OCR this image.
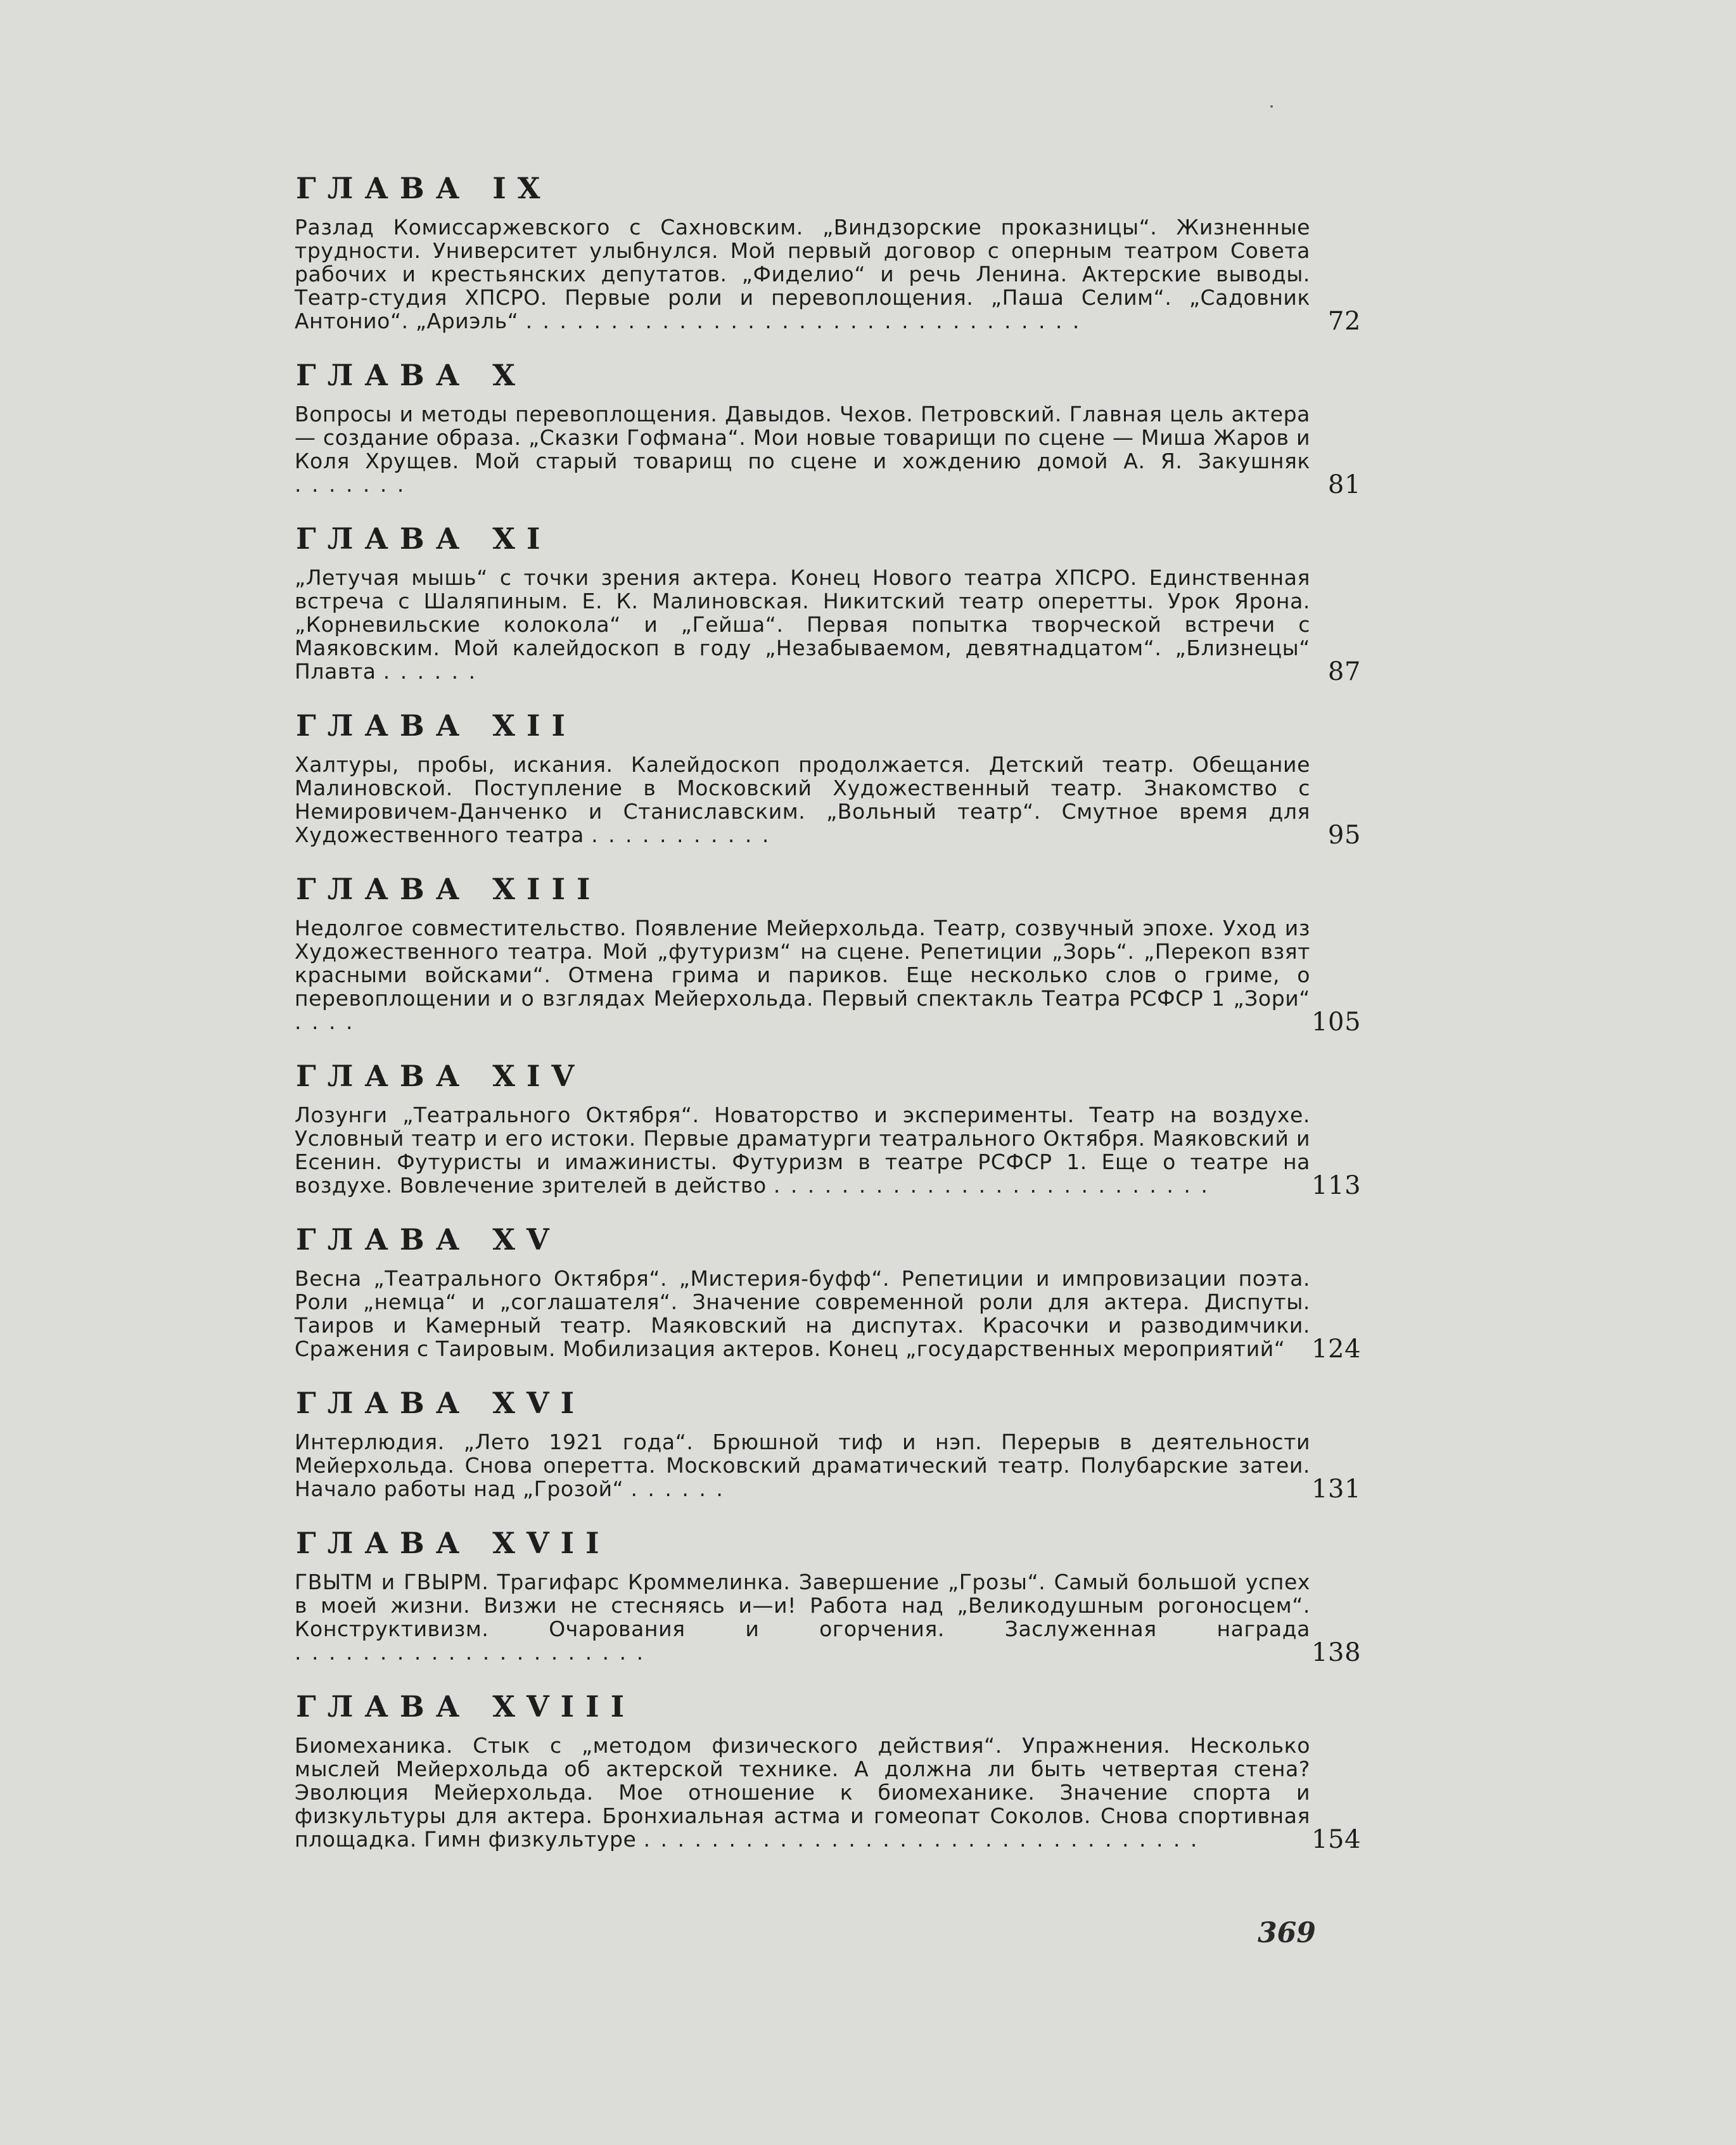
ГЛАВА IX
Разлад Комиссаржевского с Сахновским. „Виндзорские проказницы“. Жизненные трудности. Университет улыбнулся. Мой первый договор с оперным театром Совета рабочих и крестьянских депутатов. „Фиделио“ и речь Ленина. Актерские выводы. Театр-студия ХПСРО. Первые роли и перевоплощения. „Паша Селим“. „Садовник Антонио“. „Ариэль“ . . . . . . . . . . . . . . . . . . . . . . . . . . . . . . . . .	72
ГЛАВА X
Вопросы и методы перевоплощения. Давыдов. Чехов. Петровский. Главная цель актера — создание образа. „Сказки Гофмана“. Мои новые товарищи по сцене — Миша Жаров и Коля Хрущев. Мой старый товарищ по сцене и хождению домой А. Я. Закушняк . . . . . . .	81
ГЛАВА XI
„Летучая мышь“ с точки зрения актера. Конец Нового театра ХПСРО. Единственная встреча с Шаляпиным. Е. К. Малиновская. Никитский театр оперетты. Урок Ярона. „Корневильские колокола“ и „Гейша“. Первая попытка творческой встречи с Маяковским. Мой калейдоскоп в году „Незабываемом, девятнадцатом“. „Близнецы“ Плавта . . . . . .	87
ГЛАВА XII
Халтуры, пробы, искания. Калейдоскоп продолжается. Детский театр. Обещание Малиновской. Поступление в Московский Художественный театр. Знакомство с Немировичем-Данченко и Станиславским. „Вольный театр“. Смутное время для Художественного театра . . . . . . . . . . .	95
ГЛАВА XIII
Недолгое совместительство. Появление Мейерхольда. Театр, созвучный эпохе. Уход из Художественного театра. Мой „футуризм“ на сцене. Репетиции „Зорь“. „Перекоп взят красными войсками“. Отмена грима и париков. Еще несколько слов о гриме, о перевоплощении и о взглядах Мейерхольда. Первый спектакль Театра РСФСР 1 „Зори“ . . . .	105
ГЛАВА XIV
Лозунги „Театрального Октября“. Новаторство и эксперименты. Театр на воздухе. Условный театр и его истоки. Первые драматурги театрального Октября. Маяковский и Есенин. Футуристы и имажинисты. Футуризм в театре РСФСР 1. Еще о театре на воздухе. Вовлечение зрителей в действо . . . . . . . . . . . . . . . . . . . . . . . . . .	113
ГЛАВА XV
Весна „Театрального Октября“. „Мистерия-буфф“. Репетиции и импровизации поэта. Роли „немца“ и „соглашателя“. Значение современной роли для актера. Диспуты. Таиров и Камерный театр. Маяковский на диспутах. Красочки и разводимчики. Сражения с Таировым. Мобилизация актеров. Конец „государственных мероприятий“ 124
ГЛАВА XVI
Интерлюдия. „Лето 1921 года“. Брюшной тиф и нэп. Перерыв в деятельности Мейерхольда. Снова оперетта. Московский драматический театр. Полубарские затеи. Начало работы над „Грозой“ . . . . . .	131
ГЛАВА XVII
ГВЫТМ и ГВЫРМ. Трагифарс Кроммелинка. Завершение „Грозы“. Самый большой успех в моей жизни. Визжи не стесняясь и—и! Работа над „Великодушным рогоносцем“. Конструктивизм. Очарования и огорчения. Заслуженная награда . . . . . . . . . . . . . . . . . . . . .	138
ГЛАВА XVIII
Биомеханика. Стык с „методом физического действия“. Упражнения. Несколько мыслей Мейерхольда об актерской технике. А должна ли быть четвертая стена? Эволюция Мейерхольда. Мое отношение к биомеханике. Значение спорта и физкультуры для актера. Бронхиальная астма и гомеопат Соколов. Снова спортивная площадка. Гимн физкультуре . . . . . . . . . . . . . . . . . . . . . . . . . . . . . . . . .	154
369
